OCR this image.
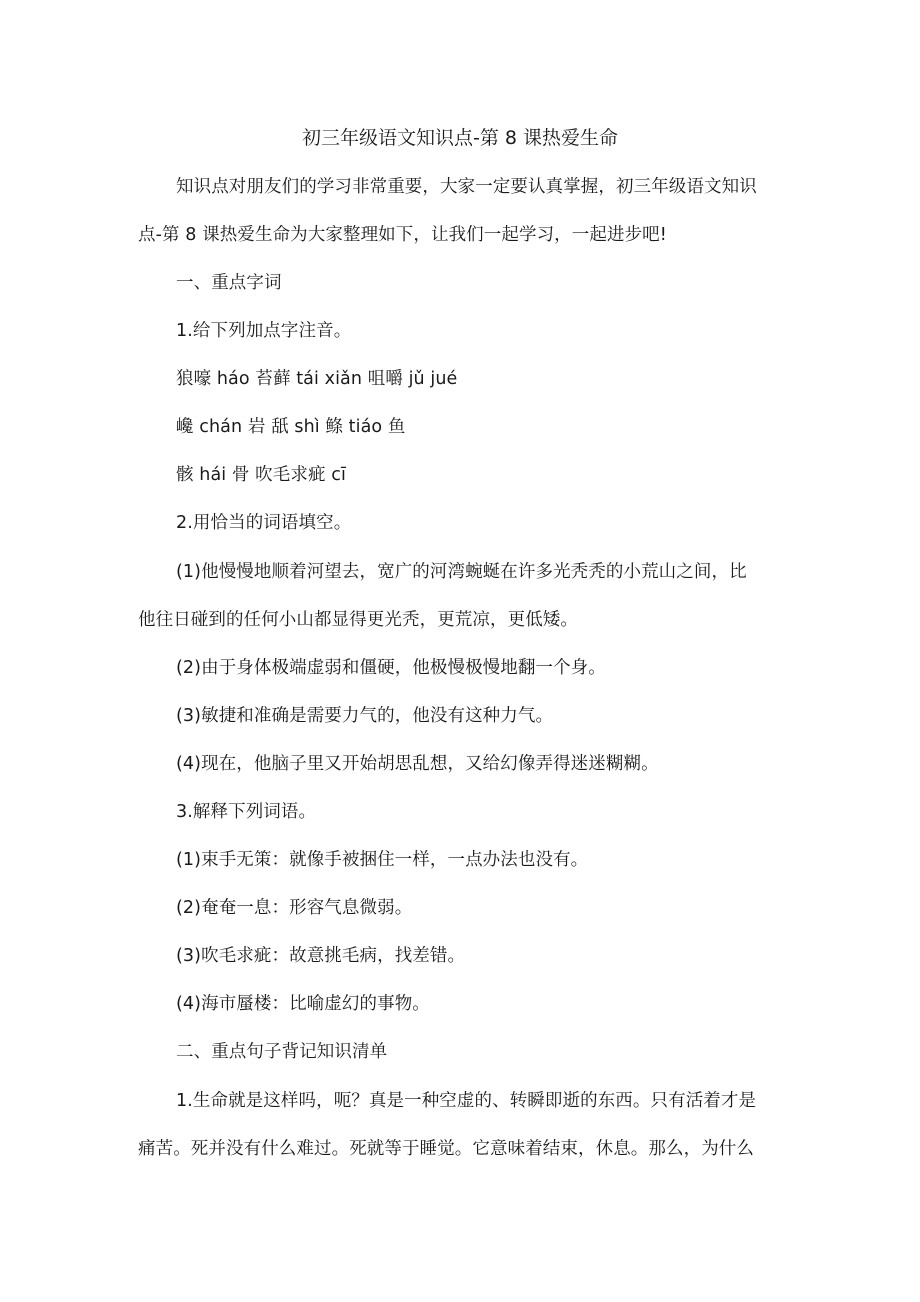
初三年级语文知识点-第 8 课热爱生命
知识点对朋友们的学习非常重要，大家一定要认真掌握，初三年级语文知识
点-第 8 课热爱生命为大家整理如下，让我们一起学习，一起进步吧!
一、重点字词
1.给下列加点字注音。
狼嚎 háo 苔藓 tái xiǎn 咀嚼 jǔ jué
巉 chán 岩 舐 shì 鲦 tiáo 鱼
骸 hái 骨 吹毛求疵 cī
2.用恰当的词语填空。
(1)他慢慢地顺着河望去，宽广的河湾蜿蜒在许多光秃秃的小荒山之间，比
他往日碰到的任何小山都显得更光秃，更荒凉，更低矮。
(2)由于身体极端虚弱和僵硬，他极慢极慢地翻一个身。
(3)敏捷和准确是需要力气的，他没有这种力气。
(4)现在，他脑子里又开始胡思乱想，又给幻像弄得迷迷糊糊。
3.解释下列词语。
(1)束手无策：就像手被捆住一样，一点办法也没有。
(2)奄奄一息：形容气息微弱。
(3)吹毛求疵：故意挑毛病，找差错。
(4)海市蜃楼：比喻虚幻的事物。
二、重点句子背记知识清单
1.生命就是这样吗，呃？真是一种空虚的、转瞬即逝的东西。只有活着才是
痛苦。死并没有什么难过。死就等于睡觉。它意味着结束，休息。那么，为什么
